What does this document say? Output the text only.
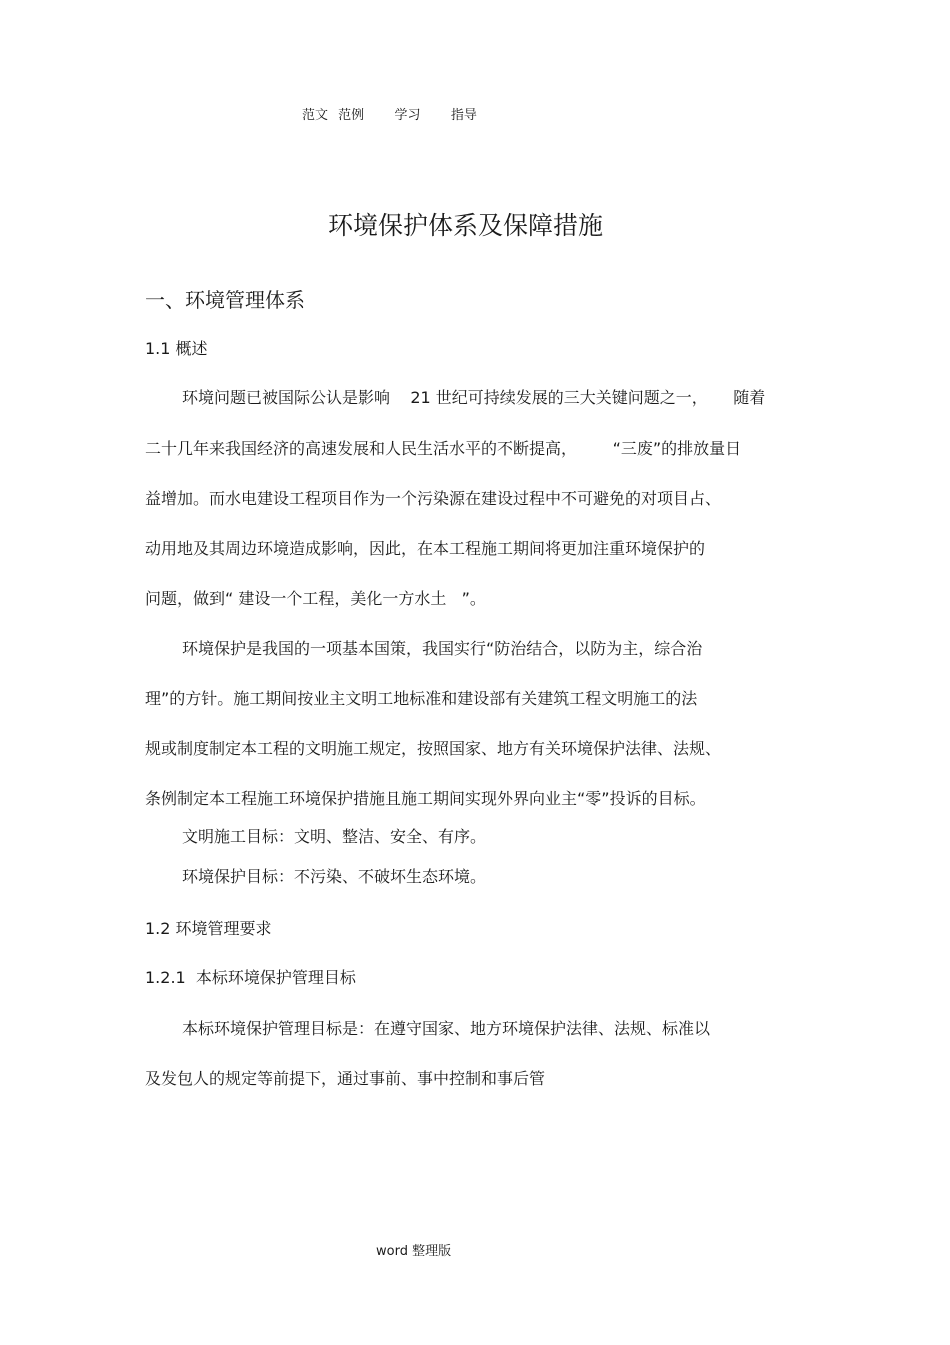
范文 范例   学习   指导
环境保护体系及保障措施
一、环境管理体系
1.1 概述
环境问题已被国际公认是影响    21 世纪可持续发展的三大关键问题之一，     随着
二十几年来我国经济的高速发展和人民生活水平的不断提高，       “三废”的排放量日
益增加。而水电建设工程项目作为一个污染源在建设过程中不可避免的对项目占、
动用地及其周边环境造成影响，因此，在本工程施工期间将更加注重环境保护的
问题，做到“ 建设一个工程，美化一方水土   ”。
环境保护是我国的一项基本国策，我国实行“防治结合，以防为主，综合治
理”的方针。施工期间按业主文明工地标准和建设部有关建筑工程文明施工的法
规或制度制定本工程的文明施工规定，按照国家、地方有关环境保护法律、法规、
条例制定本工程施工环境保护措施且施工期间实现外界向业主“零”投诉的目标。
文明施工目标：文明、整洁、安全、有序。
环境保护目标：不污染、不破坏生态环境。
1.2 环境管理要求
1.2.1  本标环境保护管理目标
本标环境保护管理目标是：在遵守国家、地方环境保护法律、法规、标准以
及发包人的规定等前提下，通过事前、事中控制和事后管
word 整理版
